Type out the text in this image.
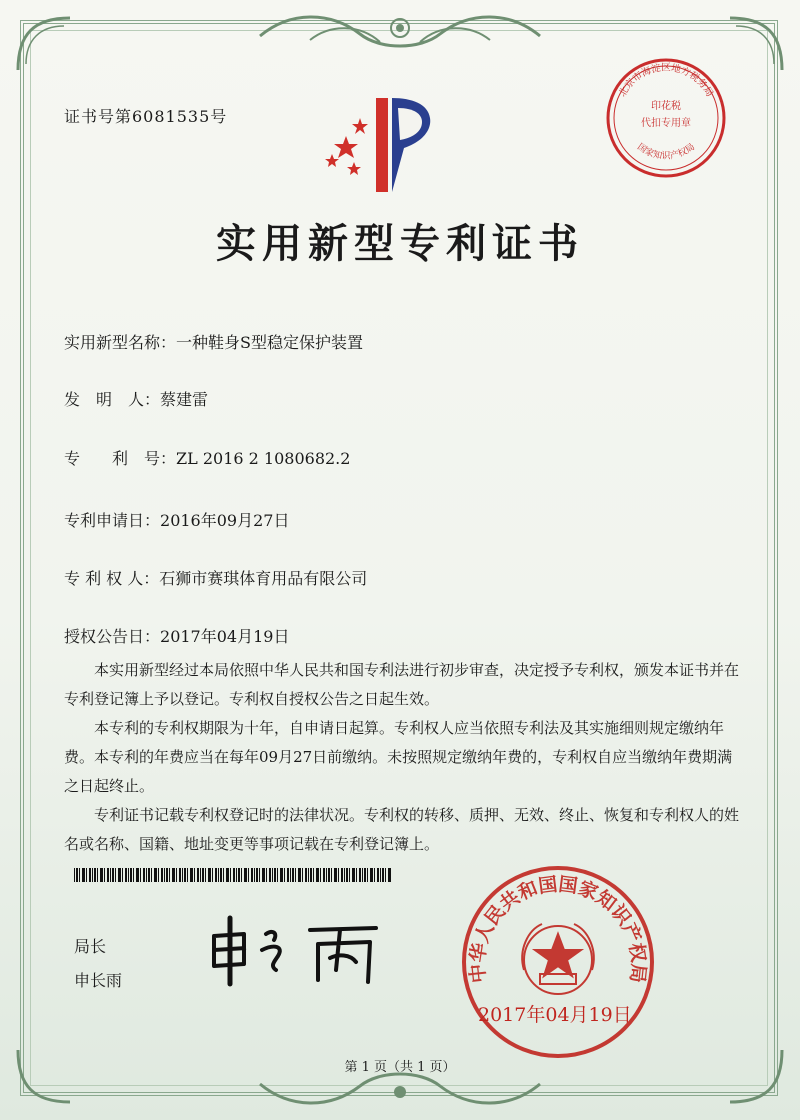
证书号第6081535号
实用新型专利证书
实用新型名称：一种鞋身S型稳定保护装置
发　明　人：蔡建雷
专　　利　号：ZL 2016 2 1080682.2
专利申请日：2016年09月27日
专 利 权 人：石狮市赛琪体育用品有限公司
授权公告日：2017年04月19日

本实用新型经过本局依照中华人民共和国专利法进行初步审查，决定授予专利权，颁发本证书并在专利登记簿上予以登记。专利权自授权公告之日起生效。

本专利的专利权期限为十年，自申请日起算。专利权人应当依照专利法及其实施细则规定缴纳年费。本专利的年费应当在每年09月27日前缴纳。未按照规定缴纳年费的，专利权自应当缴纳年费期满之日起终止。

专利证书记载专利权登记时的法律状况。专利权的转移、质押、无效、终止、恢复和专利权人的姓名或名称、国籍、地址变更等事项记载在专利登记簿上。

局长
申长雨	中华人民共和国国家知识产权局
2017年04月19日
北京市海淀区地方税务局
国家知识产权局
印花税
代扣专用章
第 1 页（共 1 页）
